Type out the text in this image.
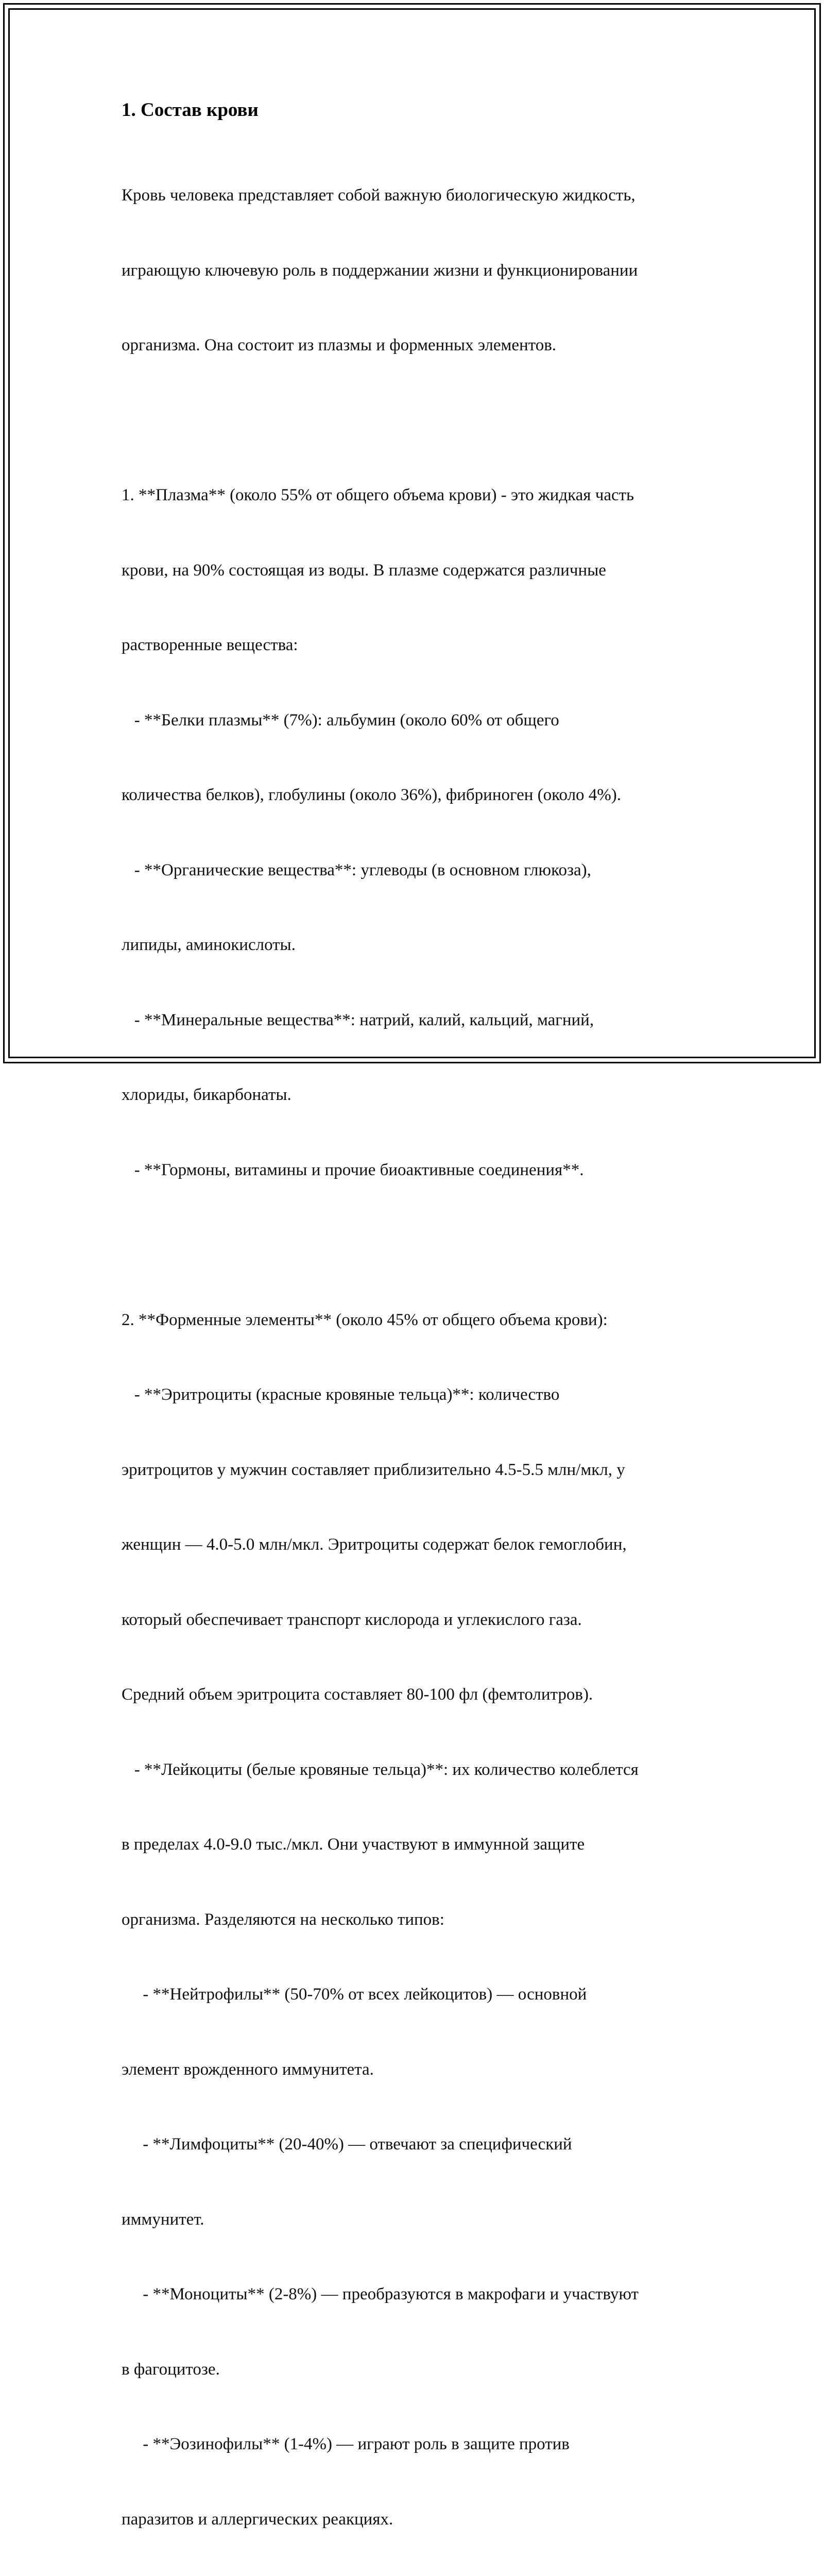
1. Состав крови

Кровь человека представляет собой важную биологическую жидкость,

играющую ключевую роль в поддержании жизни и функционировании

организма. Она состоит из плазмы и форменных элементов.

1. **Плазма** (около 55% от общего объема крови) - это жидкая часть

крови, на 90% состоящая из воды. В плазме содержатся различные

растворенные вещества:

- **Белки плазмы** (7%): альбумин (около 60% от общего

количества белков), глобулины (около 36%), фибриноген (около 4%).

- **Органические вещества**: углеводы (в основном глюкоза),

липиды, аминокислоты.

- **Минеральные вещества**: натрий, калий, кальций, магний,

хлориды, бикарбонаты.

- **Гормоны, витамины и прочие биоактивные соединения**.

2. **Форменные элементы** (около 45% от общего объема крови):

- **Эритроциты (красные кровяные тельца)**: количество

эритроцитов у мужчин составляет приблизительно 4.5-5.5 млн/мкл, у

женщин — 4.0-5.0 млн/мкл. Эритроциты содержат белок гемоглобин,

который обеспечивает транспорт кислорода и углекислого газа.

Средний объем эритроцита составляет 80-100 фл (фемтолитров).

- **Лейкоциты (белые кровяные тельца)**: их количество колеблется

в пределах 4.0-9.0 тыс./мкл. Они участвуют в иммунной защите

организма. Разделяются на несколько типов:

- **Нейтрофилы** (50-70% от всех лейкоцитов) — основной

элемент врожденного иммунитета.

- **Лимфоциты** (20-40%) — отвечают за специфический

иммунитет.

- **Моноциты** (2-8%) — преобразуются в макрофаги и участвуют

в фагоцитозе.

- **Эозинофилы** (1-4%) — играют роль в защите против

паразитов и аллергических реакциях.
